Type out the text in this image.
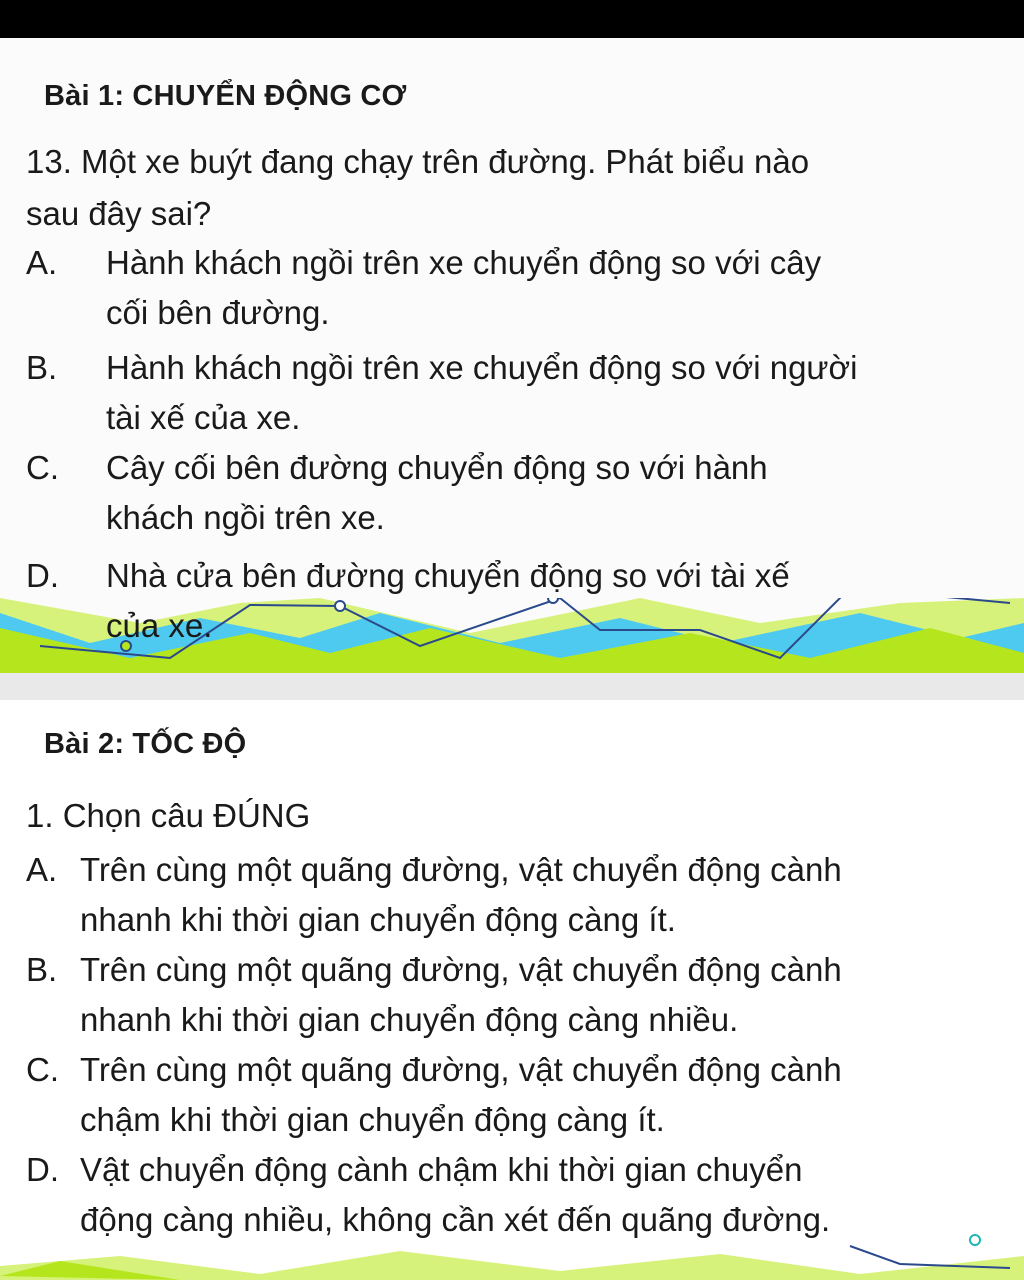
Bài 1: CHUYỂN ĐỘNG CƠ
13. Một xe buýt đang chạy trên đường. Phát biểu nào
sau đây sai?
A. Hành khách ngồi trên xe chuyển động so với cây
cối bên đường.
B. Hành khách ngồi trên xe chuyển động so với người
tài xế của xe.
C. Cây cối bên đường chuyển động so với hành
khách ngồi trên xe.
D. Nhà cửa bên đường chuyển động so với tài xế
của xe.
Bài 2: TỐC ĐỘ
1. Chọn câu ĐÚNG
A. Trên cùng một quãng đường, vật chuyển động cành
nhanh khi thời gian chuyển động càng ít.
B. Trên cùng một quãng đường, vật chuyển động cành
nhanh khi thời gian chuyển động càng nhiều.
C. Trên cùng một quãng đường, vật chuyển động cành
chậm khi thời gian chuyển động càng ít.
D. Vật chuyển động cành chậm khi thời gian chuyển
động càng nhiều, không cần xét đến quãng đường.
